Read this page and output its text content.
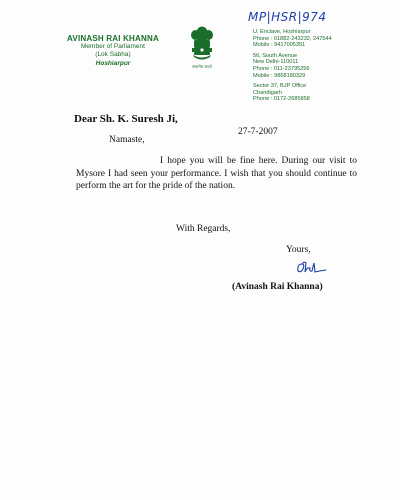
AVINASH RAI KHANNA
Member of Parliament
(Lok Sabha)
Hoshiarpur	सत्यमेव जयते
MP|HSR|974
U. Enclave, Hoshiarpur
Phone : 01882-243232, 247544
Mobile : 9417005351
56, South Avenue
New Delhi-110011
Phone : 011-23795256
Mobile : 9868180329
Sector 37, BJP Office
Chandigarh
Phone : 0172-2685858
Dear Sh. K. Suresh Ji,
27-7-2007
Namaste,
I hope you will be fine here. During our visit to Mysore I had seen your performance. I wish that you should continue to perform the art for the pride of the nation.
With Regards,
Yours,
(Avinash Rai Khanna)
